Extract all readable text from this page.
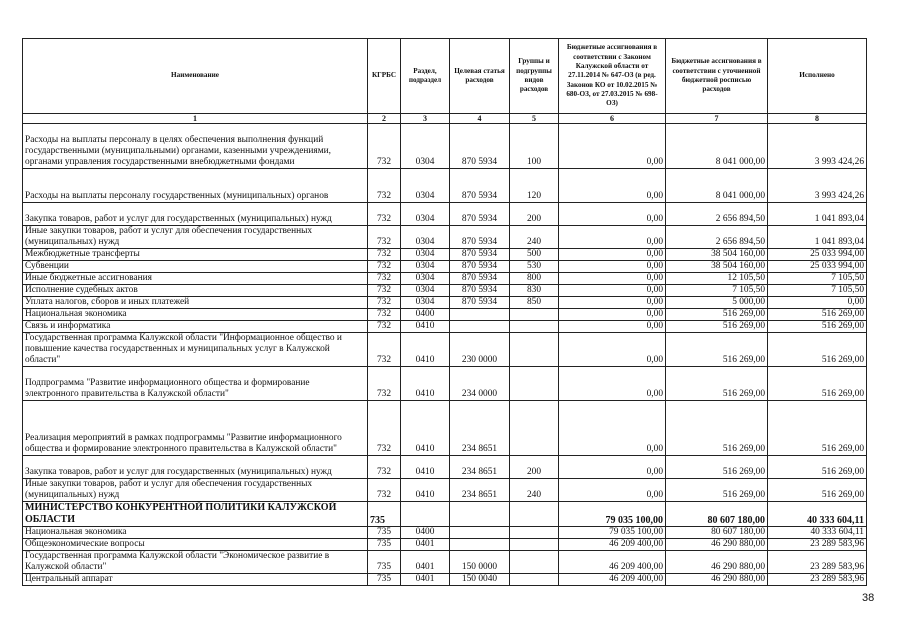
Наименование	КГРБС	Раздел, подраздел	Целевая статья расходов	Группы и подгруппы видов расходов	Бюджетные ассигнования в соответствии с Законом Калужской области от 27.11.2014 № 647-ОЗ (в ред. Законов КО от 10.02.2015 № 680-ОЗ, от 27.03.2015 № 698-ОЗ)	Бюджетные ассигнования в соответствии с уточненной бюджетной росписью расходов	Исполнено
1	2	3	4	5	6	7	8
Расходы на выплаты персоналу в целях обеспечения выполнения функций государственными (муниципальными) органами, казенными учреждениями, органами управления государственными внебюджетными фондами	732	0304	870 5934	100	0,00	8 041 000,00	3 993 424,26
Расходы на выплаты персоналу государственных (муниципальных) органов	732	0304	870 5934	120	0,00	8 041 000,00	3 993 424,26
Закупка товаров, работ и услуг для государственных (муниципальных) нужд	732	0304	870 5934	200	0,00	2 656 894,50	1 041 893,04
Иные закупки товаров, работ и услуг для обеспечения государственных (муниципальных) нужд	732	0304	870 5934	240	0,00	2 656 894,50	1 041 893,04
Межбюджетные трансферты	732	0304	870 5934	500	0,00	38 504 160,00	25 033 994,00
Субвенции	732	0304	870 5934	530	0,00	38 504 160,00	25 033 994,00
Иные бюджетные ассигнования	732	0304	870 5934	800	0,00	12 105,50	7 105,50
Исполнение судебных актов	732	0304	870 5934	830	0,00	7 105,50	7 105,50
Уплата налогов, сборов и иных платежей	732	0304	870 5934	850	0,00	5 000,00	0,00
Национальная экономика	732	0400			0,00	516 269,00	516 269,00
Связь и информатика	732	0410			0,00	516 269,00	516 269,00
Государственная программа Калужской области "Информационное общество и повышение качества государственных и муниципальных услуг в Калужской области"	732	0410	230 0000		0,00	516 269,00	516 269,00
Подпрограмма "Развитие информационного общества и формирование электронного правительства в Калужской области"	732	0410	234 0000		0,00	516 269,00	516 269,00
Реализация мероприятий в рамках подпрограммы "Развитие информационного общества и формирование электронного правительства в Калужской области"	732	0410	234 8651		0,00	516 269,00	516 269,00
Закупка товаров, работ и услуг для государственных (муниципальных) нужд	732	0410	234 8651	200	0,00	516 269,00	516 269,00
Иные закупки товаров, работ и услуг для обеспечения государственных (муниципальных) нужд	732	0410	234 8651	240	0,00	516 269,00	516 269,00
МИНИСТЕРСТВО КОНКУРЕНТНОЙ ПОЛИТИКИ КАЛУЖСКОЙ ОБЛАСТИ	735				79 035 100,00	80 607 180,00	40 333 604,11
Национальная экономика	735	0400			79 035 100,00	80 607 180,00	40 333 604,11
Общеэкономические вопросы	735	0401			46 209 400,00	46 290 880,00	23 289 583,96
Государственная программа Калужской области "Экономическое развитие в Калужской области"	735	0401	150 0000		46 209 400,00	46 290 880,00	23 289 583,96
Центральный аппарат	735	0401	150 0040		46 209 400,00	46 290 880,00	23 289 583,96
38
